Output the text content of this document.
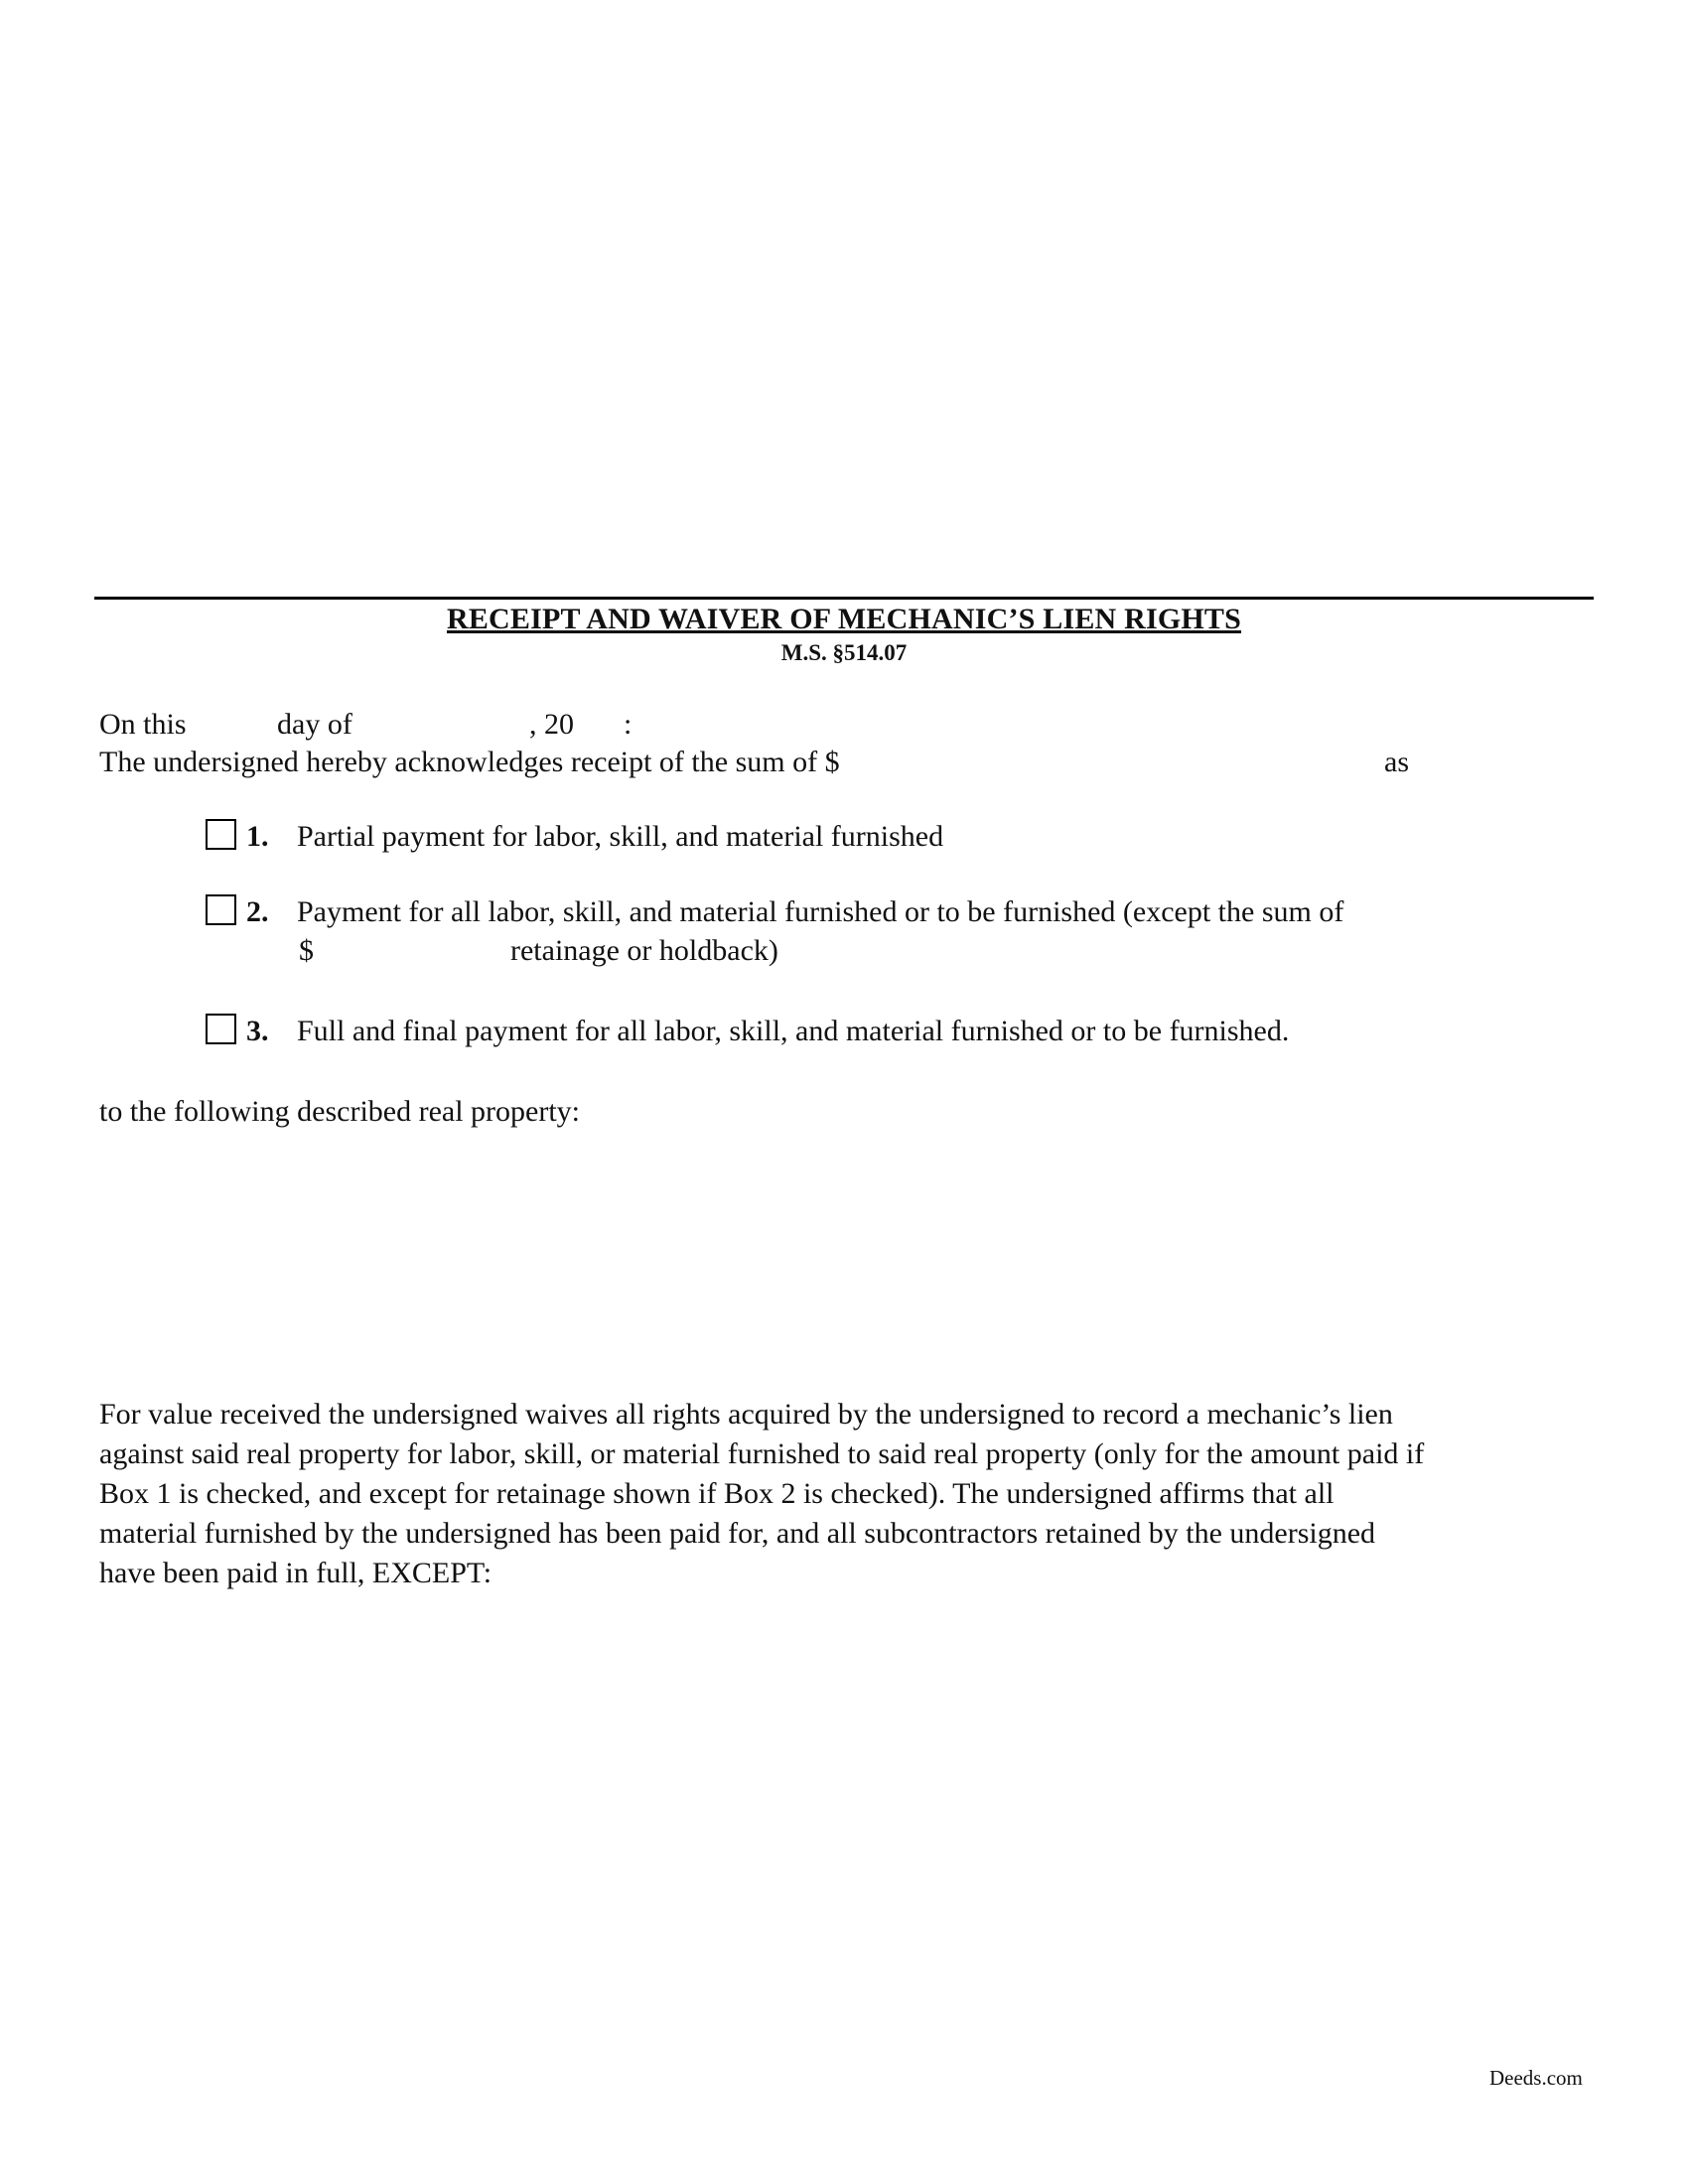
RECEIPT AND WAIVER OF MECHANIC’S LIEN RIGHTS
M.S. §514.07
On this	day of	, 20 :
The undersigned hereby acknowledges receipt of the sum of $	as
1. Partial payment for labor, skill, and material furnished
2. Payment for all labor, skill, and material furnished or to be furnished (except the sum of
$	retainage or holdback)
3. Full and final payment for all labor, skill, and material furnished or to be furnished.
to the following described real property:
For value received the undersigned waives all rights acquired by the undersigned to record a mechanic’s lien
against said real property for labor, skill, or material furnished to said real property (only for the amount paid if
Box 1 is checked, and except for retainage shown if Box 2 is checked). The undersigned affirms that all
material furnished by the undersigned has been paid for, and all subcontractors retained by the undersigned
have been paid in full, EXCEPT:
Deeds.com
